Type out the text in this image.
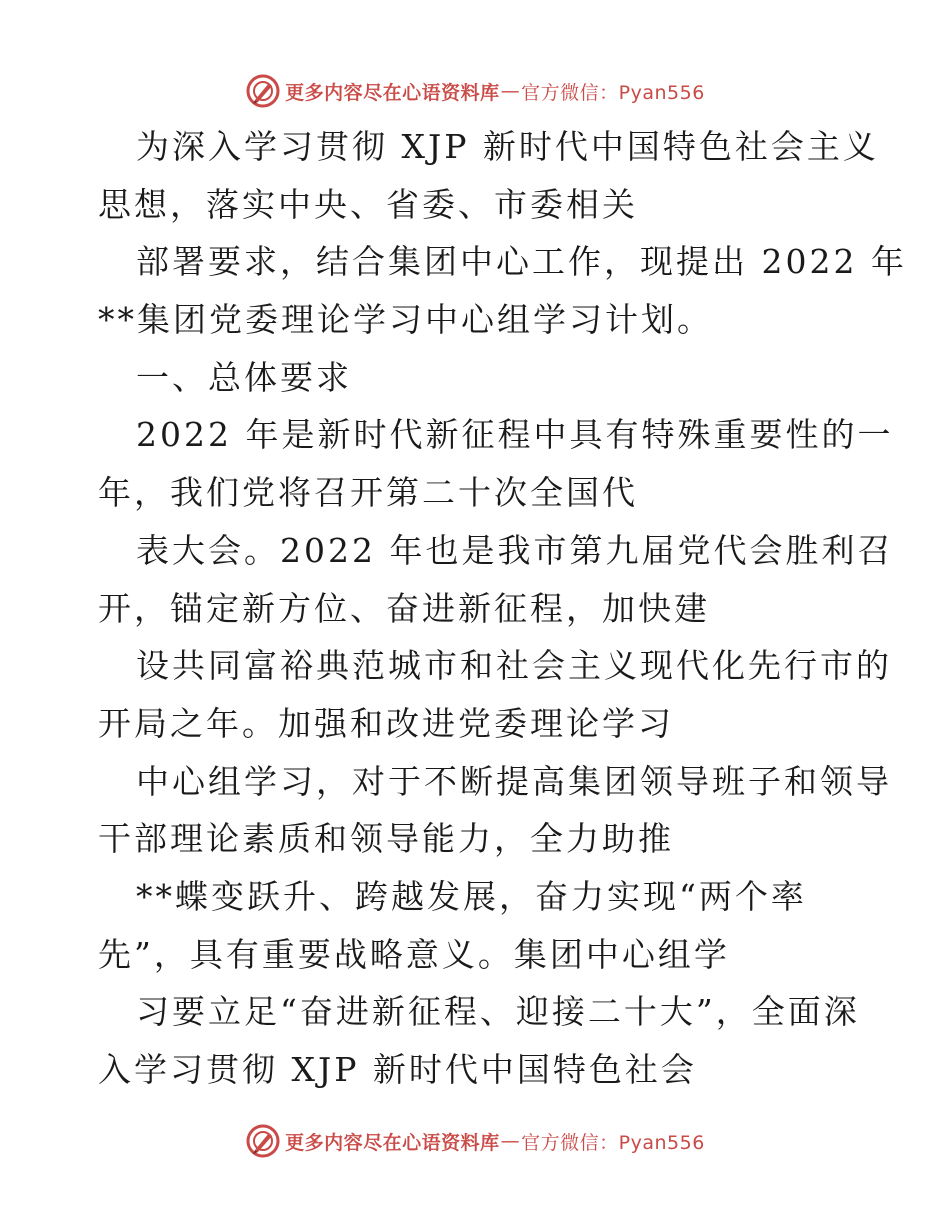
更多内容尽在心语资料库 — 官方微信：Pyan556
为深入学习贯彻 XJP 新时代中国特色社会主义
思想，落实中央、省委、市委相关
部署要求，结合集团中心工作，现提出 2022 年
**集团党委理论学习中心组学习计划。
一、总体要求
2022 年是新时代新征程中具有特殊重要性的一
年，我们党将召开第二十次全国代
表大会。2022 年也是我市第九届党代会胜利召
开，锚定新方位、奋进新征程，加快建
设共同富裕典范城市和社会主义现代化先行市的
开局之年。加强和改进党委理论学习
中心组学习，对于不断提高集团领导班子和领导
干部理论素质和领导能力，全力助推
**蝶变跃升、跨越发展，奋力实现“两个率
先”，具有重要战略意义。集团中心组学
习要立足“奋进新征程、迎接二十大”，全面深
入学习贯彻 XJP 新时代中国特色社会
更多内容尽在心语资料库 — 官方微信：Pyan556
